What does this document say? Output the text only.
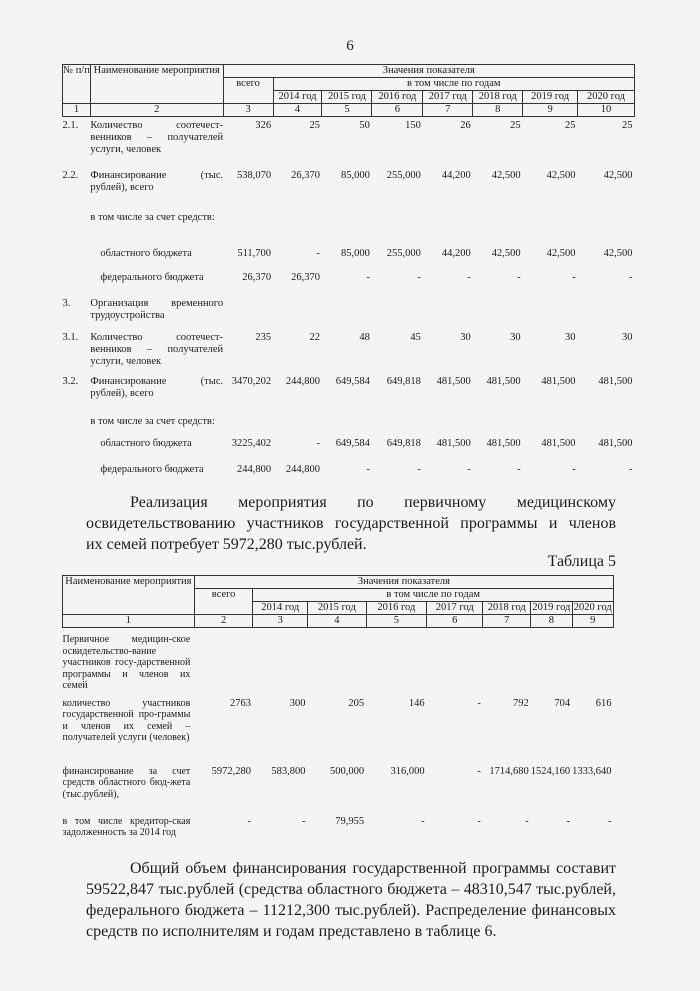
6
№ п/п	Наименование мероприятия	Значения показателя							
		всего	в том числе по годам						
			2014 год	2015 год	2016 год	2017 год	2018 год	2019 год	2020 год
1	2	3	4	5	6	7	8	9	10
2.1.	Количество соотечест-венников – получателей услуги, человек	326	25	50	150	26	25	25	25
2.2.	Финансирование (тыс. рублей), всего	538,070	26,370	85,000	255,000	44,200	42,500	42,500	42,500
	в том числе за счет средств:								
	областного бюджета	511,700	-	85,000	255,000	44,200	42,500	42,500	42,500
	федерального бюджета	26,370	26,370	-	-	-	-	-	-
3.	Организация временного трудоустройства								
3.1.	Количество соотечест-венников – получателей услуги, человек	235	22	48	45	30	30	30	30
3.2.	Финансирование (тыс. рублей), всего	3470,202	244,800	649,584	649,818	481,500	481,500	481,500	481,500
	в том числе за счет средств:								
	областного бюджета	3225,402	-	649,584	649,818	481,500	481,500	481,500	481,500
	федерального бюджета	244,800	244,800	-	-	-	-	-	-
Реализация мероприятия по первичному медицинскому
освидетельствованию участников государственной программы и членов
их семей потребует 5972,280 тыс.рублей.
Таблица 5
Наименование мероприятия	Значения показателя							
	всего	в том числе по годам						
		2014 год	2015 год	2016 год	2017 год	2018 год	2019 год	2020 год
1	2	3	4	5	6	7	8	9
Первичное медицин-ское освидетельство-вание участников госу-дарственной программы и членов их семей								
количество участников государственной про-граммы и членов их семей – получателей услуги (человек)	2763	300	205	146	-	792	704	616
финансирование за счет средств областного бюд-жета (тыс.рублей),	5972,280	583,800	500,000	316,000	-	1714,680	1524,160	1333,640
в том числе кредитор-ская задолженность за 2014 год	-	-	79,955	-	-	-	-	-
Общий объем финансирования государственной программы составит
59522,847 тыс.рублей (средства областного бюджета – 48310,547 тыс.рублей,
федерального бюджета – 11212,300 тыс.рублей). Распределение финансовых
средств по исполнителям и годам представлено в таблице 6.
